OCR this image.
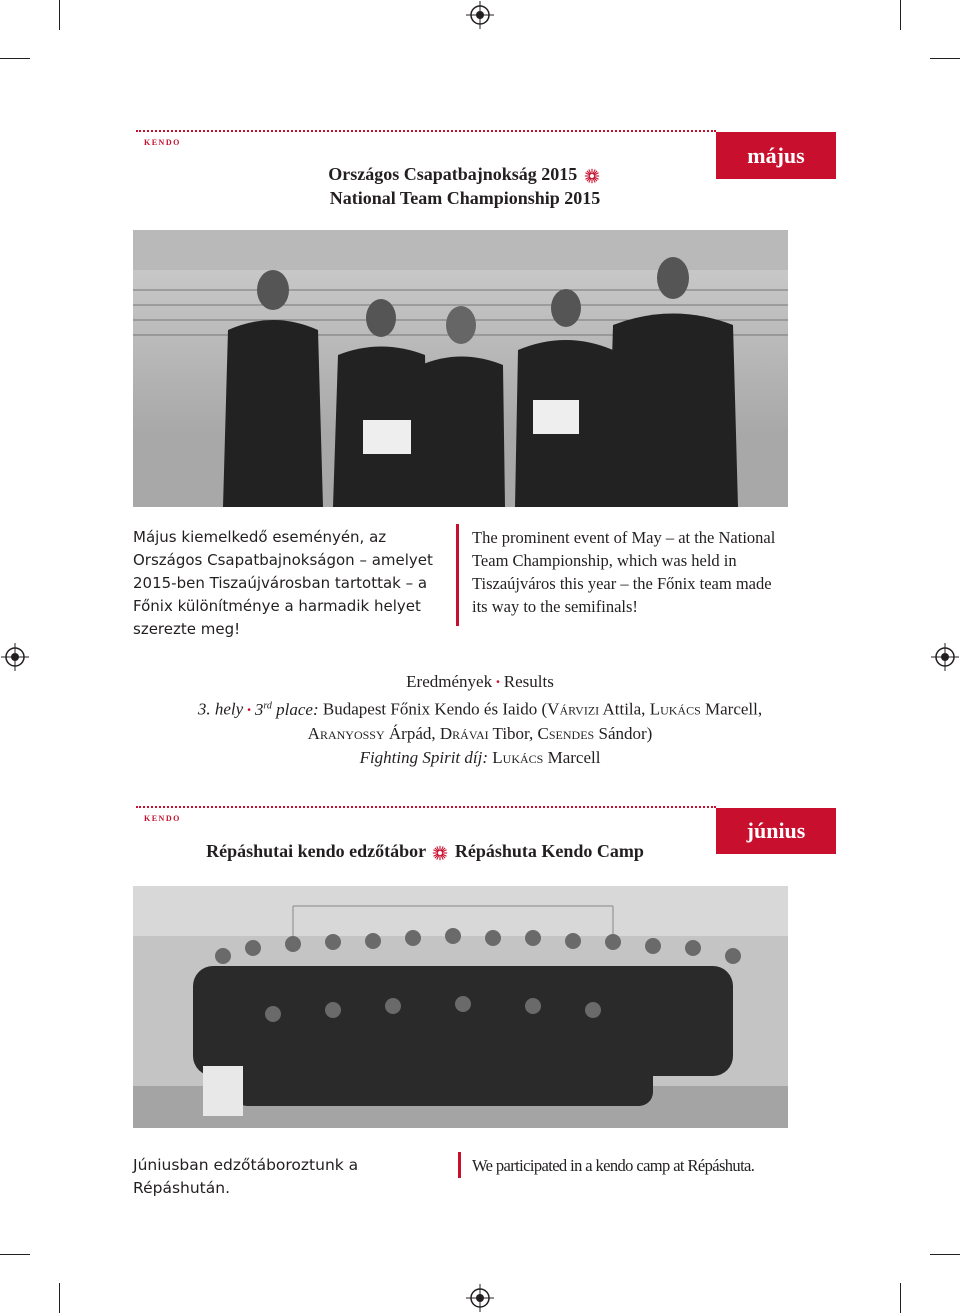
kendo
május
Országos Csapatbajnokság 2015
National Team Championship 2015
Május kiemelkedő eseményén, az Országos Csapatbajnokságon – amelyet 2015-ben Tiszaújvárosban tartottak – a Főnix különítménye a harmadik helyet szerezte meg!
The prominent event of May – at the National Team Championship, which was held in Tiszaújváros this year – the Főnix team made its way to the semifinals!
Eredmények · Results
3. hely · 3rd place: Budapest Főnix Kendo és Iaido (Várvizi Attila, Lukács Marcell,
Aranyossy Árpád, Drávai Tibor, Csendes Sándor)
Fighting Spirit díj: Lukács Marcell
kendo
június
Répáshutai kendo edzőtábor Répáshuta Kendo Camp
Júniusban edzőtáboroztunk a Répáshután.
We participated in a kendo camp at Répáshuta.
